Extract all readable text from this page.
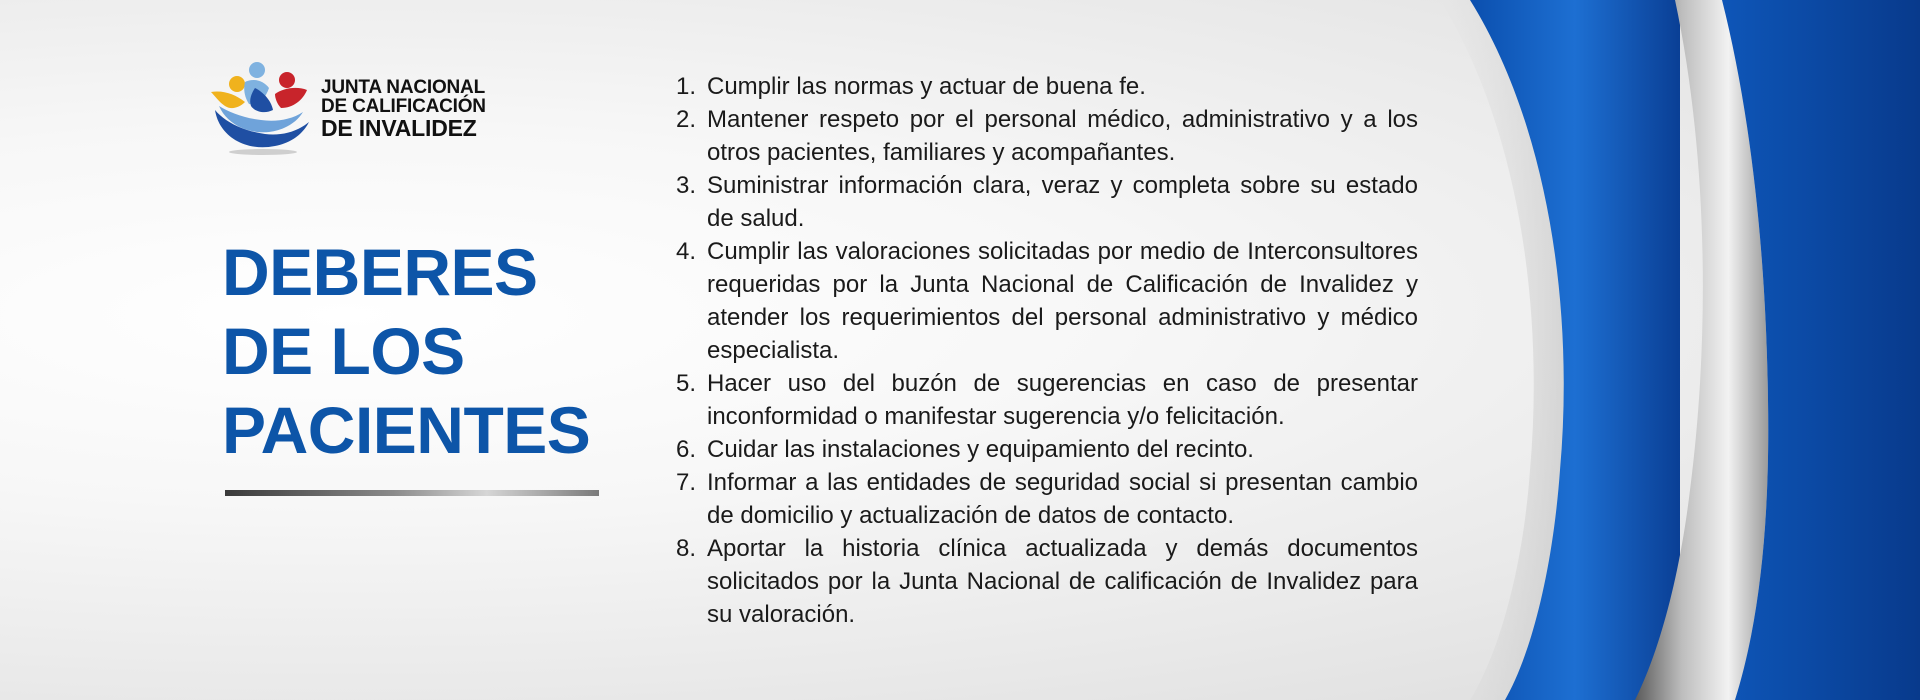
JUNTA NACIONAL
DE CALIFICACIÓN
DE INVALIDEZ
DEBERES
DE LOS
PACIENTES
1. Cumplir las normas y actuar de buena fe.
2. Mantener respeto por el personal médico, administrativo y a los otros pacientes, familiares y acompañantes.
3. Suministrar información clara, veraz y completa sobre su estado de salud.
4. Cumplir las valoraciones solicitadas por medio de Interconsultores requeridas por la Junta Nacional de Calificación de Invalidez y atender los requerimientos del personal administrativo y médico especialista.
5. Hacer uso del buzón de sugerencias en caso de presentar inconformidad o manifestar sugerencia y/o felicitación.
6. Cuidar las instalaciones y equipamiento del recinto.
7. Informar a las entidades de seguridad social si presentan cambio de domicilio y actualización de datos de contacto.
8. Aportar la historia clínica actualizada y demás documentos solicitados por la Junta Nacional de calificación de Invalidez para su valoración.
